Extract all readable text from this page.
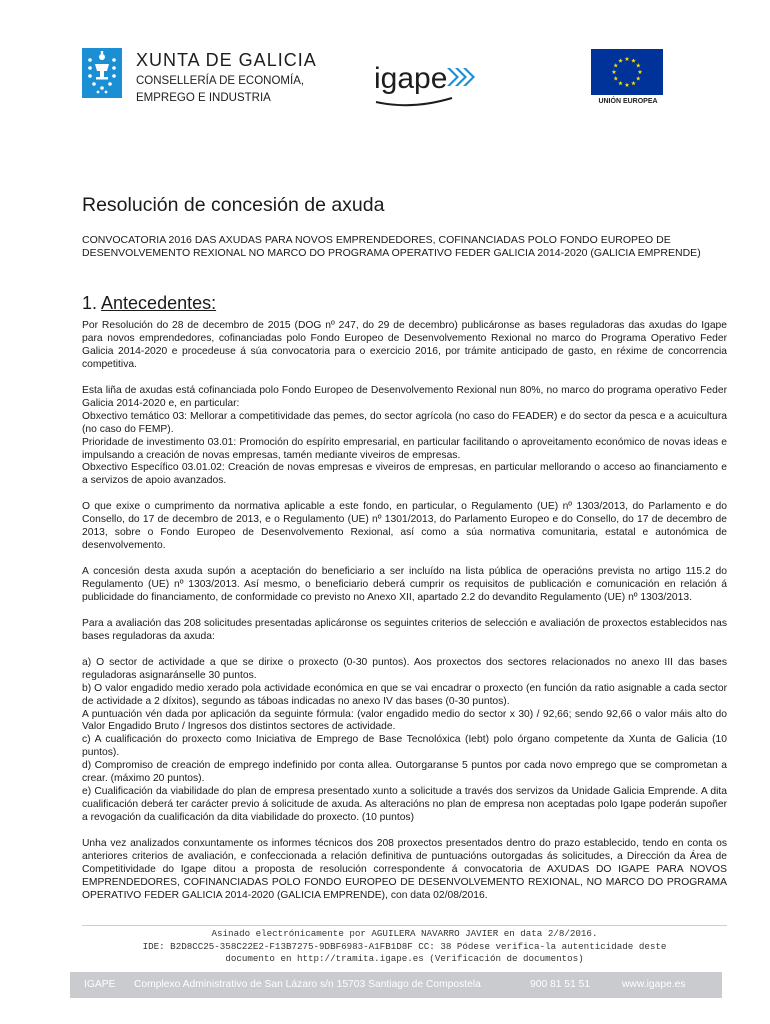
XUNTA DE GALICIA
CONSELLERÍA DE ECONOMÍA,
EMPREGO E INDUSTRIA
igape
UNIÓN EUROPEA
Resolución de concesión de axuda
CONVOCATORIA 2016 DAS AXUDAS PARA NOVOS EMPRENDEDORES, COFINANCIADAS POLO FONDO EUROPEO DE DESENVOLVEMENTO REXIONAL NO MARCO DO PROGRAMA OPERATIVO FEDER GALICIA 2014-2020 (GALICIA EMPRENDE)
1. Antecedentes:

Por Resolución do 28 de decembro de 2015 (DOG nº 247, do 29 de decembro) publicáronse as bases reguladoras das axudas do Igape para novos emprendedores, cofinanciadas polo Fondo Europeo de Desenvolvemento Rexional no marco do Programa Operativo Feder Galicia 2014-2020 e procedeuse á súa convocatoria para o exercicio 2016, por trámite anticipado de gasto, en réxime de concorrencia competitiva.

Esta liña de axudas está cofinanciada polo Fondo Europeo de Desenvolvemento Rexional nun 80%, no marco do programa operativo Feder Galicia 2014-2020 e, en particular:

Obxectivo temático 03: Mellorar a competitividade das pemes, do sector agrícola (no caso do FEADER) e do sector da pesca e a acuicultura (no caso do FEMP).

Prioridade de investimento 03.01: Promoción do espírito empresarial, en particular facilitando o aproveitamento económico de novas ideas e impulsando a creación de novas empresas, tamén mediante viveiros de empresas.

Obxectivo Específico 03.01.02: Creación de novas empresas e viveiros de empresas, en particular mellorando o acceso ao financiamento e a servizos de apoio avanzados.

O que exixe o cumprimento da normativa aplicable a este fondo, en particular, o Regulamento (UE) nº 1303/2013, do Parlamento e do Consello, do 17 de decembro de 2013, e o Regulamento (UE) nº 1301/2013, do Parlamento Europeo e do Consello, do 17 de decembro de 2013, sobre o Fondo Europeo de Desenvolvemento Rexional, así como a súa normativa comunitaria, estatal e autonómica de desenvolvemento.

A concesión desta axuda supón a aceptación do beneficiario a ser incluído na lista pública de operacións prevista no artigo 115.2 do Regulamento (UE) nº 1303/2013. Así mesmo, o beneficiario deberá cumprir os requisitos de publicación e comunicación en relación á publicidade do financiamento, de conformidade co previsto no Anexo XII, apartado 2.2 do devandito Regulamento (UE) nº 1303/2013.

Para a avaliación das 208 solicitudes presentadas aplicáronse os seguintes criterios de selección e avaliación de proxectos establecidos nas bases reguladoras da axuda:

a) O sector de actividade a que se dirixe o proxecto (0-30 puntos). Aos proxectos dos sectores relacionados no anexo III das bases reguladoras asignaránselle 30 puntos.

b) O valor engadido medio xerado pola actividade económica en que se vai encadrar o proxecto (en función da ratio asignable a cada sector de actividade a 2 díxitos), segundo as táboas indicadas no anexo IV das bases (0-30 puntos).

A puntuación vén dada por aplicación da seguinte fórmula: (valor engadido medio do sector x 30) / 92,66; sendo 92,66 o valor máis alto do Valor Engadido Bruto / Ingresos dos distintos sectores de actividade.

c) A cualificación do proxecto como Iniciativa de Emprego de Base Tecnolóxica (Iebt) polo órgano competente da Xunta de Galicia (10 puntos).

d) Compromiso de creación de emprego indefinido por conta allea. Outorgaranse 5 puntos por cada novo emprego que se comprometan a crear. (máximo 20 puntos).

e) Cualificación da viabilidade do plan de empresa presentado xunto a solicitude a través dos servizos da Unidade Galicia Emprende. A dita cualificación deberá ter carácter previo á solicitude de axuda. As alteracións no plan de empresa non aceptadas polo Igape poderán supoñer a revogación da cualificación da dita viabilidade do proxecto. (10 puntos)

Unha vez analizados conxuntamente os informes técnicos dos 208 proxectos presentados dentro do prazo establecido, tendo en conta os anteriores criterios de avaliación, e confeccionada a relación definitiva de puntuacións outorgadas ás solicitudes, a Dirección da Área de Competitividade do Igape ditou a proposta de resolución correspondente á convocatoria de AXUDAS DO IGAPE PARA NOVOS EMPRENDEDORES, COFINANCIADAS POLO FONDO EUROPEO DE DESENVOLVEMENTO REXIONAL, NO MARCO DO PROGRAMA OPERATIVO FEDER GALICIA 2014-2020 (GALICIA EMPRENDE), con data 02/08/2016.

Asinado electrónicamente por AGUILERA NAVARRO JAVIER en data 2/8/2016.
IDE: B2D8CC25-358C22E2-F13B7275-9DBF6983-A1FB1D8F CC: 38 Pódese verifica-la autenticidade deste
documento en http://tramita.igape.es (Verificación de documentos)
IGAPE Complexo Administrativo de San Lázaro s/n 15703 Santiago de Compostela	900 81 51 51	www.igape.es
